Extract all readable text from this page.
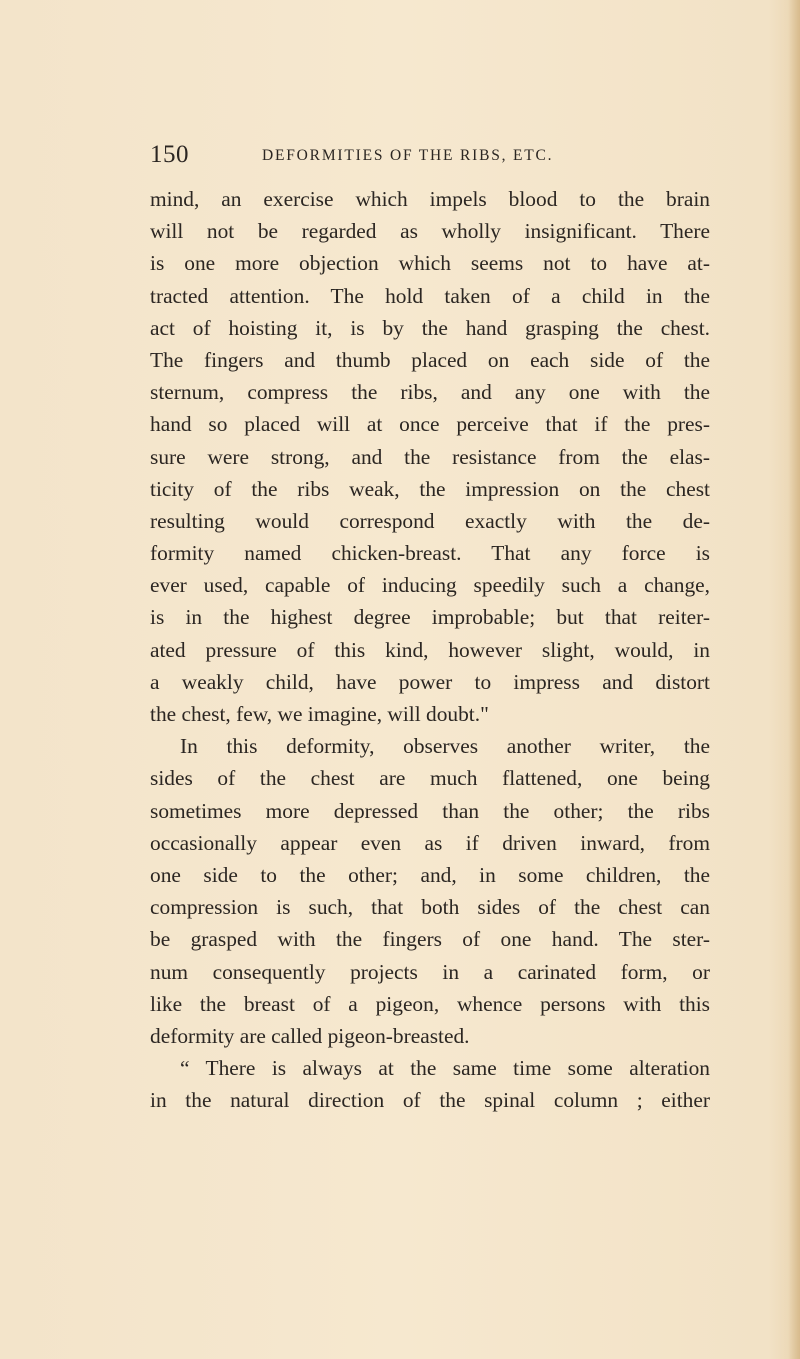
150	DEFORMITIES OF THE RIBS, ETC.
mind, an exercise which impels blood to the brain
will not be regarded as wholly insignificant. There
is one more objection which seems not to have at-
tracted attention. The hold taken of a child in the
act of hoisting it, is by the hand grasping the chest.
The fingers and thumb placed on each side of the
sternum, compress the ribs, and any one with the
hand so placed will at once perceive that if the pres-
sure were strong, and the resistance from the elas-
ticity of the ribs weak, the impression on the chest
resulting would correspond exactly with the de-
formity named chicken-breast. That any force is
ever used, capable of inducing speedily such a change,
is in the highest degree improbable; but that reiter-
ated pressure of this kind, however slight, would, in
a weakly child, have power to impress and distort
the chest, few, we imagine, will doubt."
In this deformity, observes another writer, the
sides of the chest are much flattened, one being
sometimes more depressed than the other; the ribs
occasionally appear even as if driven inward, from
one side to the other; and, in some children, the
compression is such, that both sides of the chest can
be grasped with the fingers of one hand. The ster-
num consequently projects in a carinated form, or
like the breast of a pigeon, whence persons with this
deformity are called pigeon-breasted.
“ There is always at the same time some alteration
in the natural direction of the spinal column ; either
